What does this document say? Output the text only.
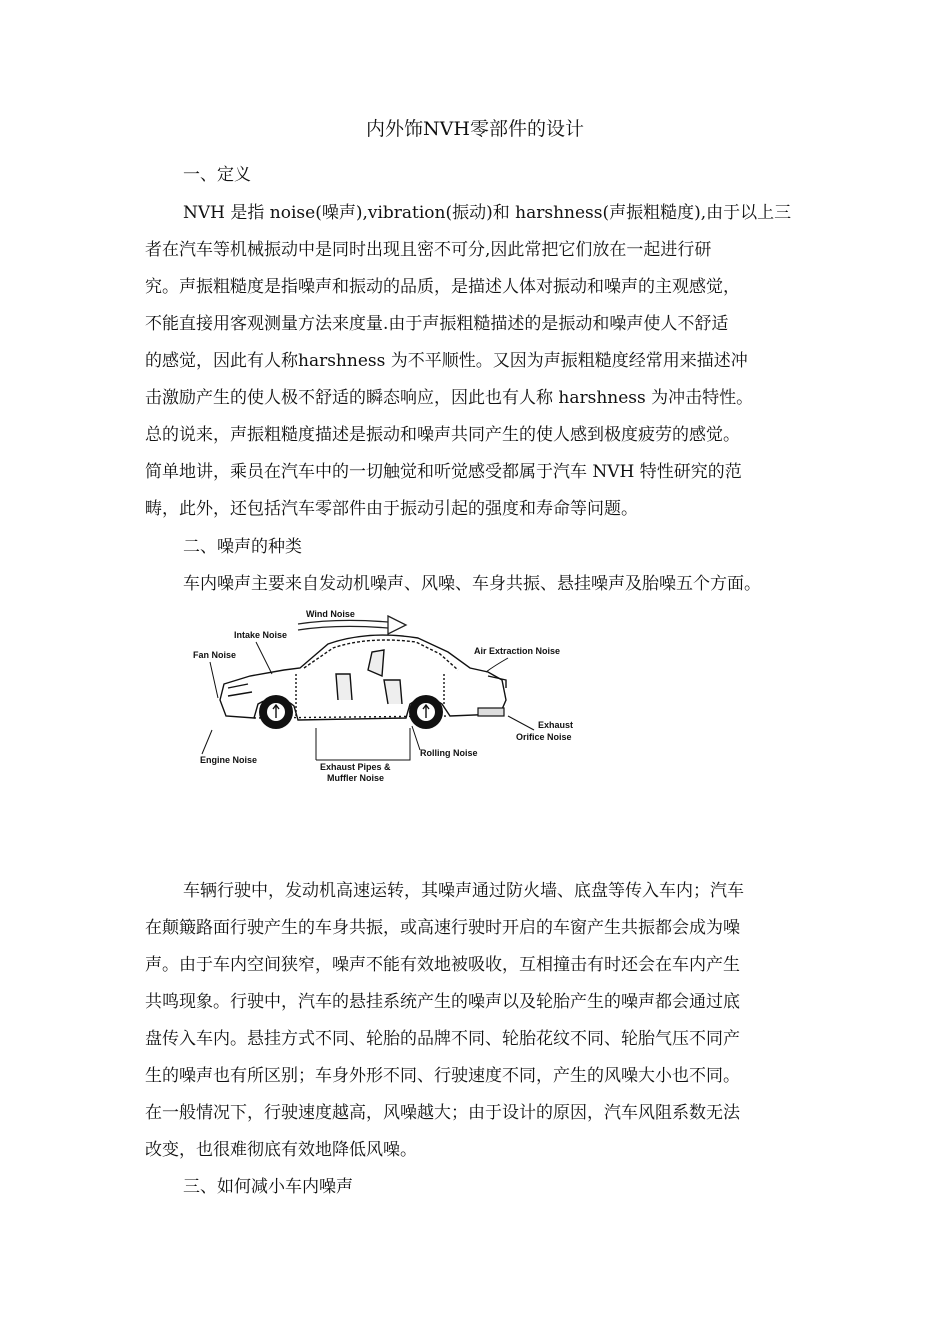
内外饰NVH零部件的设计
一、定义
NVH 是指 noise(噪声),vibration(振动)和 harshness(声振粗糙度),由于以上三
者在汽车等机械振动中是同时出现且密不可分,因此常把它们放在一起进行研
究。声振粗糙度是指噪声和振动的品质，是描述人体对振动和噪声的主观感觉，
不能直接用客观测量方法来度量.由于声振粗糙描述的是振动和噪声使人不舒适
的感觉，因此有人称harshness 为不平顺性。又因为声振粗糙度经常用来描述冲
击激励产生的使人极不舒适的瞬态响应，因此也有人称 harshness 为冲击特性。
总的说来，声振粗糙度描述是振动和噪声共同产生的使人感到极度疲劳的感觉。
简单地讲，乘员在汽车中的一切触觉和听觉感受都属于汽车 NVH 特性研究的范
畴，此外，还包括汽车零部件由于振动引起的强度和寿命等问题。
二、噪声的种类
车内噪声主要来自发动机噪声、风噪、车身共振、悬挂噪声及胎噪五个方面。
Wind Noise
Intake Noise
Fan Noise	Air Extraction Noise
Exhaust
Orifice Noise
Rolling Noise
Engine Noise
Exhaust Pipes &
Muffler Noise
车辆行驶中，发动机高速运转，其噪声通过防火墙、底盘等传入车内；汽车
在颠簸路面行驶产生的车身共振，或高速行驶时开启的车窗产生共振都会成为噪
声。由于车内空间狭窄，噪声不能有效地被吸收，互相撞击有时还会在车内产生
共鸣现象。行驶中，汽车的悬挂系统产生的噪声以及轮胎产生的噪声都会通过底
盘传入车内。悬挂方式不同、轮胎的品牌不同、轮胎花纹不同、轮胎气压不同产
生的噪声也有所区别；车身外形不同、行驶速度不同，产生的风噪大小也不同。
在一般情况下，行驶速度越高，风噪越大；由于设计的原因，汽车风阻系数无法
改变，也很难彻底有效地降低风噪。
三、如何减小车内噪声
